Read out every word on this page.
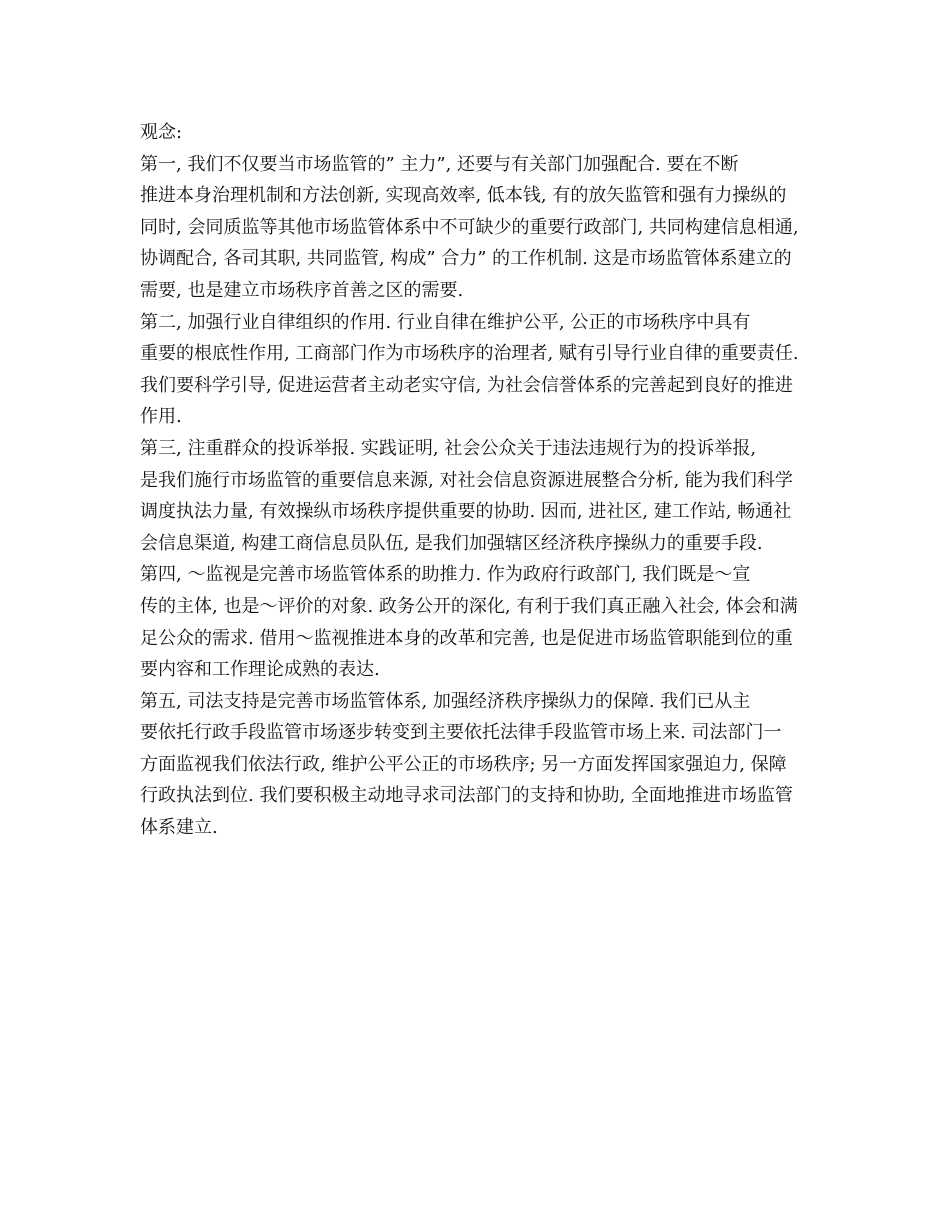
观念:
第一, 我们不仅要当市场监管的” 主力”, 还要与有关部门加强配合. 要在不断
推进本身治理机制和方法创新, 实现高效率, 低本钱, 有的放矢监管和强有力操纵的
同时, 会同质监等其他市场监管体系中不可缺少的重要行政部门, 共同构建信息相通,
协调配合, 各司其职, 共同监管, 构成” 合力” 的工作机制. 这是市场监管体系建立的
需要, 也是建立市场秩序首善之区的需要.
第二, 加强行业自律组织的作用. 行业自律在维护公平, 公正的市场秩序中具有
重要的根底性作用, 工商部门作为市场秩序的治理者, 赋有引导行业自律的重要责任.
我们要科学引导, 促进运营者主动老实守信, 为社会信誉体系的完善起到良好的推进
作用.
第三, 注重群众的投诉举报. 实践证明, 社会公众关于违法违规行为的投诉举报,
是我们施行市场监管的重要信息来源, 对社会信息资源进展整合分析, 能为我们科学
调度执法力量, 有效操纵市场秩序提供重要的协助. 因而, 进社区, 建工作站, 畅通社
会信息渠道, 构建工商信息员队伍, 是我们加强辖区经济秩序操纵力的重要手段.
第四, ～监视是完善市场监管体系的助推力. 作为政府行政部门, 我们既是～宣
传的主体, 也是～评价的对象. 政务公开的深化, 有利于我们真正融入社会, 体会和满
足公众的需求. 借用～监视推进本身的改革和完善, 也是促进市场监管职能到位的重
要内容和工作理论成熟的表达.
第五, 司法支持是完善市场监管体系, 加强经济秩序操纵力的保障. 我们已从主
要依托行政手段监管市场逐步转变到主要依托法律手段监管市场上来. 司法部门一
方面监视我们依法行政, 维护公平公正的市场秩序; 另一方面发挥国家强迫力, 保障
行政执法到位. 我们要积极主动地寻求司法部门的支持和协助, 全面地推进市场监管
体系建立.
